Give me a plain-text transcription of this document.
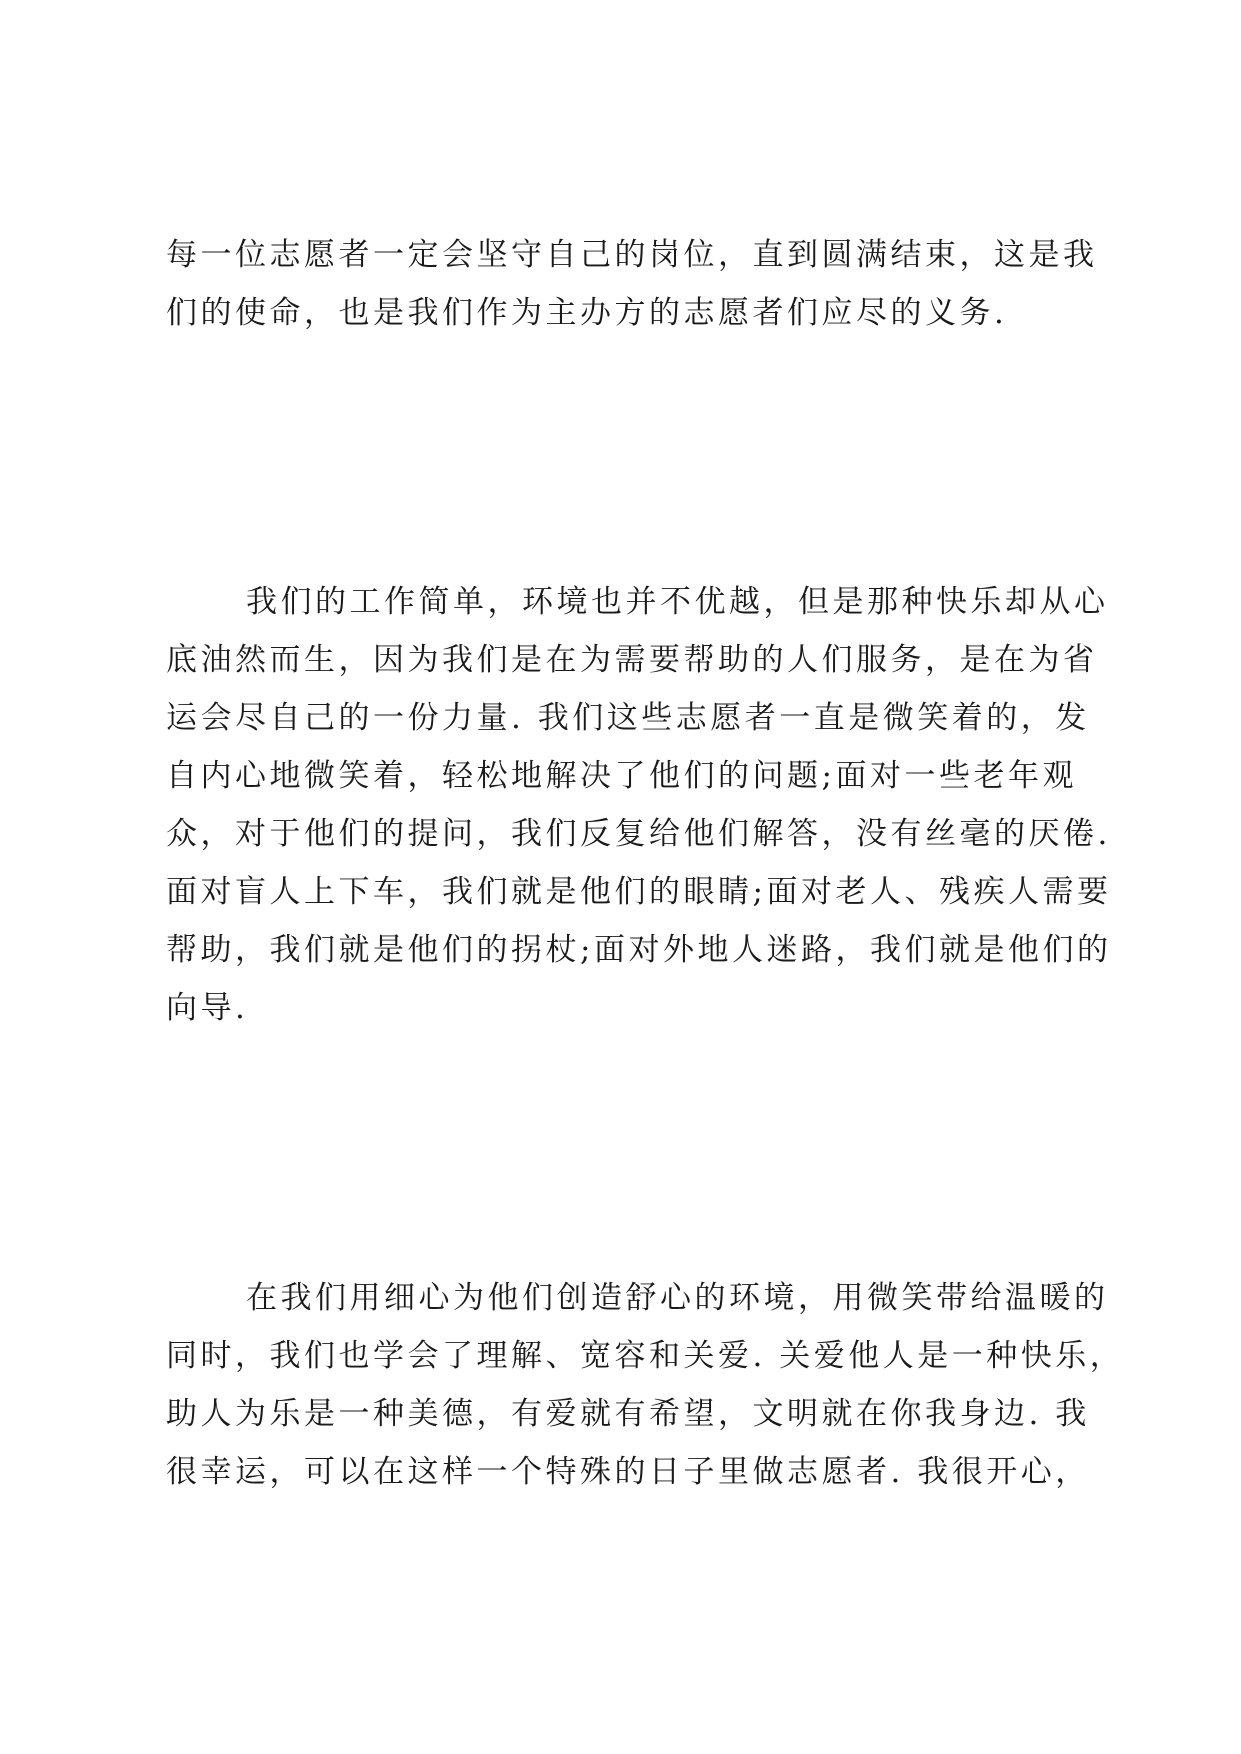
每一位志愿者一定会坚守自己的岗位，直到圆满结束，这是我
们的使命，也是我们作为主办方的志愿者们应尽的义务.

我们的工作简单，环境也并不优越，但是那种快乐却从心
底油然而生，因为我们是在为需要帮助的人们服务，是在为省
运会尽自己的一份力量. 我们这些志愿者一直是微笑着的，发
自内心地微笑着，轻松地解决了他们的问题;面对一些老年观
众，对于他们的提问，我们反复给他们解答，没有丝毫的厌倦.
面对盲人上下车，我们就是他们的眼睛;面对老人、残疾人需要
帮助，我们就是他们的拐杖;面对外地人迷路，我们就是他们的
向导.

在我们用细心为他们创造舒心的环境，用微笑带给温暖的
同时，我们也学会了理解、宽容和关爱. 关爱他人是一种快乐，
助人为乐是一种美德，有爱就有希望，文明就在你我身边. 我
很幸运，可以在这样一个特殊的日子里做志愿者. 我很开心，
